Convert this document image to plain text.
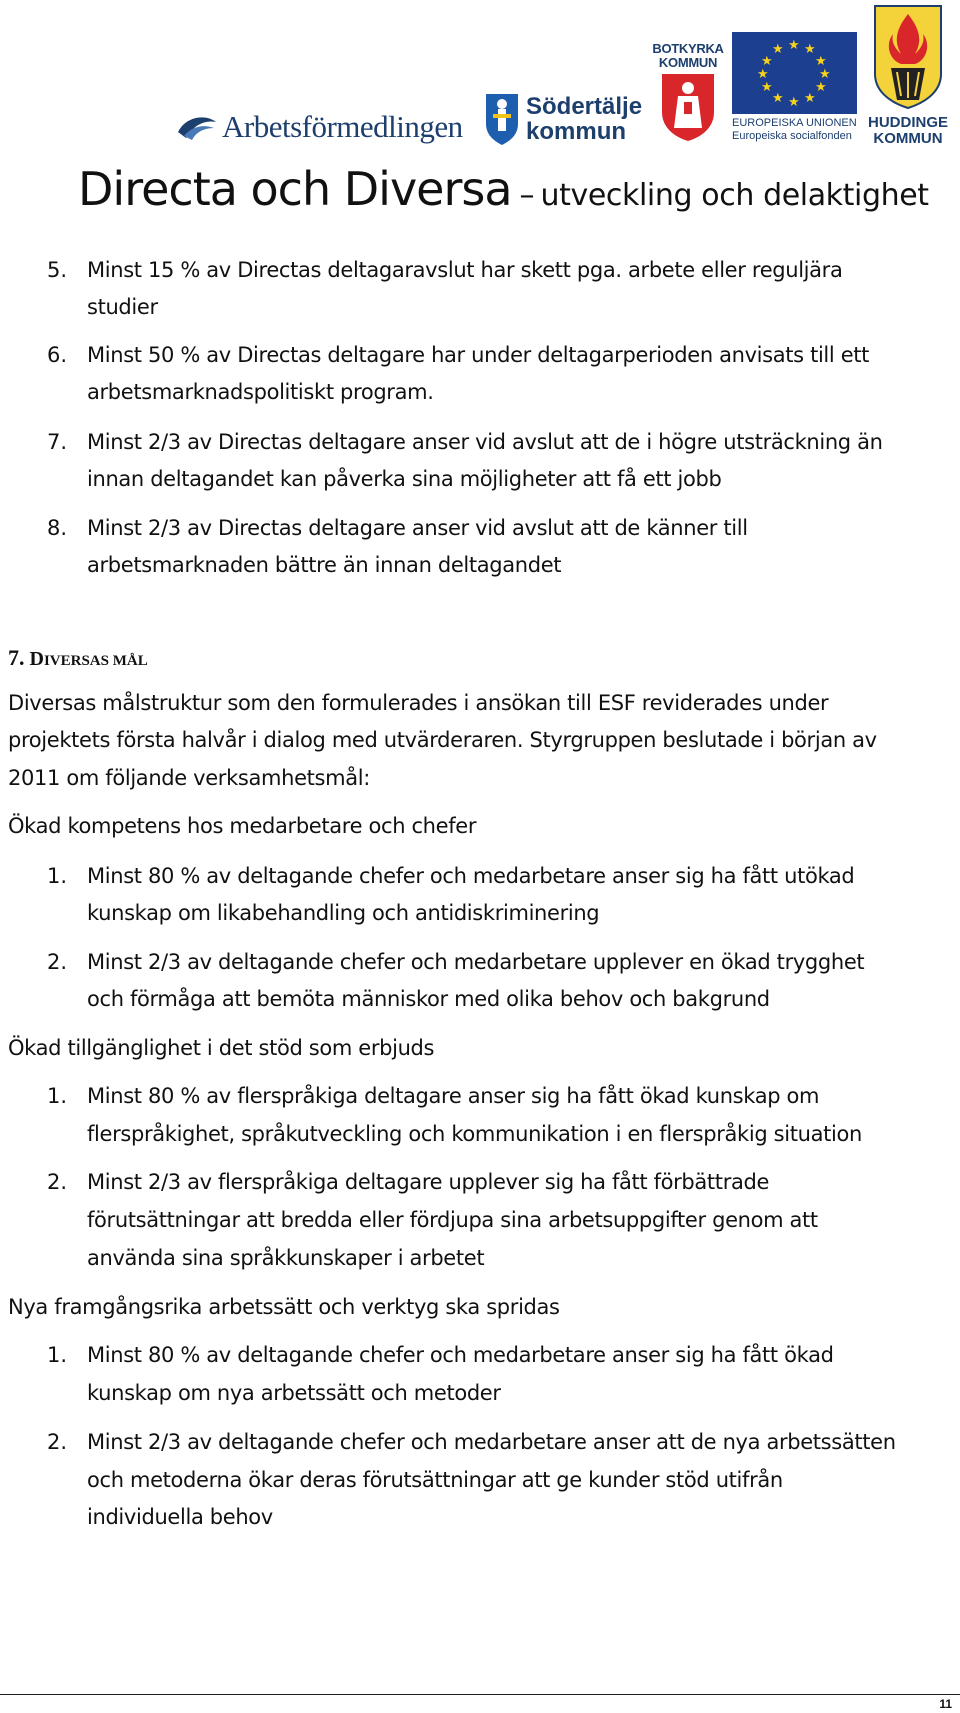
Arbetsförmedlingen
Södertälje
kommun
BOTKYRKA
KOMMUN
★ ★
★
★
★
★
★
★
★
★
★
★
EUROPEISKA UNIONEN
Europeiska socialfonden
HUDDINGE
KOMMUN
Directa och Diversa – utveckling och delaktighet
5. Minst 15 % av Directas deltagaravslut har skett pga. arbete eller reguljära
studier
6. Minst 50 % av Directas deltagare har under deltagarperioden anvisats till ett
arbetsmarknadspolitiskt program.
7. Minst 2/3 av Directas deltagare anser vid avslut att de i högre utsträckning än
innan deltagandet kan påverka sina möjligheter att få ett jobb
8. Minst 2/3 av Directas deltagare anser vid avslut att de känner till
arbetsmarknaden bättre än innan deltagandet
7. DIVERSAS MÅL
Diversas målstruktur som den formulerades i ansökan till ESF reviderades under
projektets första halvår i dialog med utvärderaren. Styrgruppen beslutade i början av
2011 om följande verksamhetsmål:
Ökad kompetens hos medarbetare och chefer
1. Minst 80 % av deltagande chefer och medarbetare anser sig ha fått utökad
kunskap om likabehandling och antidiskriminering
2. Minst 2/3 av deltagande chefer och medarbetare upplever en ökad trygghet
och förmåga att bemöta människor med olika behov och bakgrund
Ökad tillgänglighet i det stöd som erbjuds
1. Minst 80 % av flerspråkiga deltagare anser sig ha fått ökad kunskap om
flerspråkighet, språkutveckling och kommunikation i en flerspråkig situation
2. Minst 2/3 av flerspråkiga deltagare upplever sig ha fått förbättrade
förutsättningar att bredda eller fördjupa sina arbetsuppgifter genom att
använda sina språkkunskaper i arbetet
Nya framgångsrika arbetssätt och verktyg ska spridas
1. Minst 80 % av deltagande chefer och medarbetare anser sig ha fått ökad
kunskap om nya arbetssätt och metoder
2. Minst 2/3 av deltagande chefer och medarbetare anser att de nya arbetssätten
och metoderna ökar deras förutsättningar att ge kunder stöd utifrån
individuella behov
11
